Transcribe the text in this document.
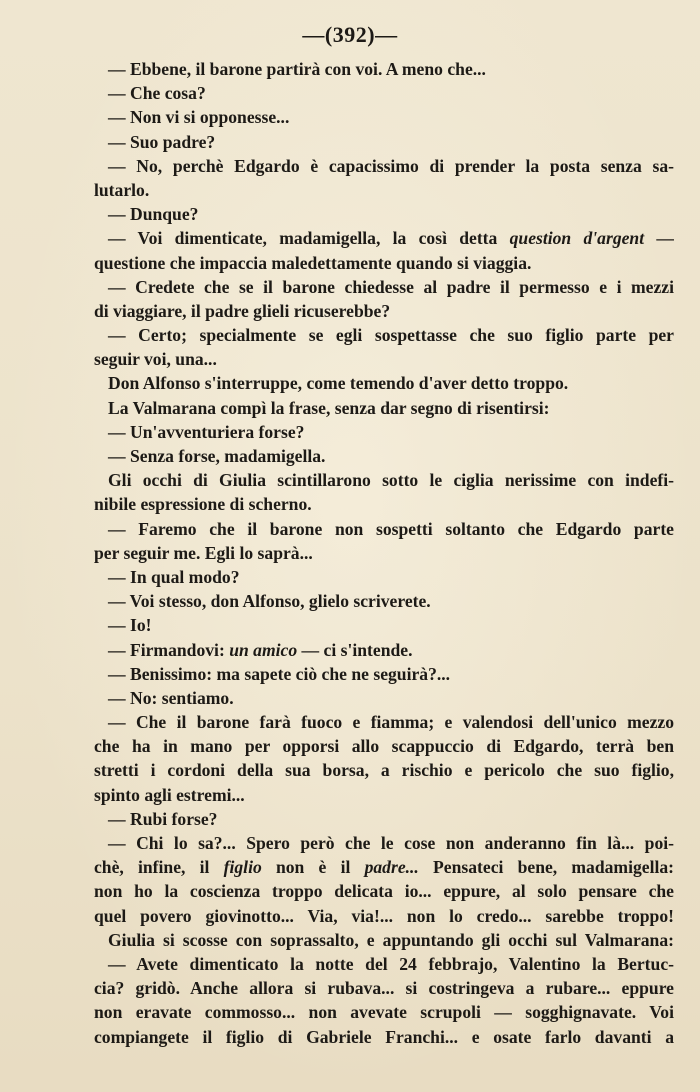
—(392)—
— Ebbene, il barone partirà con voi. A meno che...
— Che cosa?
— Non vi si opponesse...
— Suo padre?
— No, perchè Edgardo è capacissimo di prender la posta senza sa-
lutarlo.
— Dunque?
— Voi dimenticate, madamigella, la così detta question d'argent —
questione che impaccia maledettamente quando si viaggia.
— Credete che se il barone chiedesse al padre il permesso e i mezzi
di viaggiare, il padre glieli ricuserebbe?
— Certo; specialmente se egli sospettasse che suo figlio parte per
seguir voi, una...
Don Alfonso s'interruppe, come temendo d'aver detto troppo.
La Valmarana compì la frase, senza dar segno di risentirsi:
— Un'avventuriera forse?
— Senza forse, madamigella.
Gli occhi di Giulia scintillarono sotto le ciglia nerissime con indefi-
nibile espressione di scherno.
— Faremo che il barone non sospetti soltanto che Edgardo parte
per seguir me. Egli lo saprà...
— In qual modo?
— Voi stesso, don Alfonso, glielo scriverete.
— Io!
— Firmandovi: un amico — ci s'intende.
— Benissimo: ma sapete ciò che ne seguirà?...
— No: sentiamo.
— Che il barone farà fuoco e fiamma; e valendosi dell'unico mezzo
che ha in mano per opporsi allo scappuccio di Edgardo, terrà ben
stretti i cordoni della sua borsa, a rischio e pericolo che suo figlio,
spinto agli estremi...
— Rubi forse?
— Chi lo sa?... Spero però che le cose non anderanno fin là... poi-
chè, infine, il figlio non è il padre... Pensateci bene, madamigella:
non ho la coscienza troppo delicata io... eppure, al solo pensare che
quel povero giovinotto... Via, via!... non lo credo... sarebbe troppo!
Giulia si scosse con soprassalto, e appuntando gli occhi sul Valmarana:
— Avete dimenticato la notte del 24 febbrajo, Valentino la Bertuc-
cia? gridò. Anche allora si rubava... si costringeva a rubare... eppure
non eravate commosso... non avevate scrupoli — sogghignavate. Voi
compiangete il figlio di Gabriele Franchi... e osate farlo davanti a
